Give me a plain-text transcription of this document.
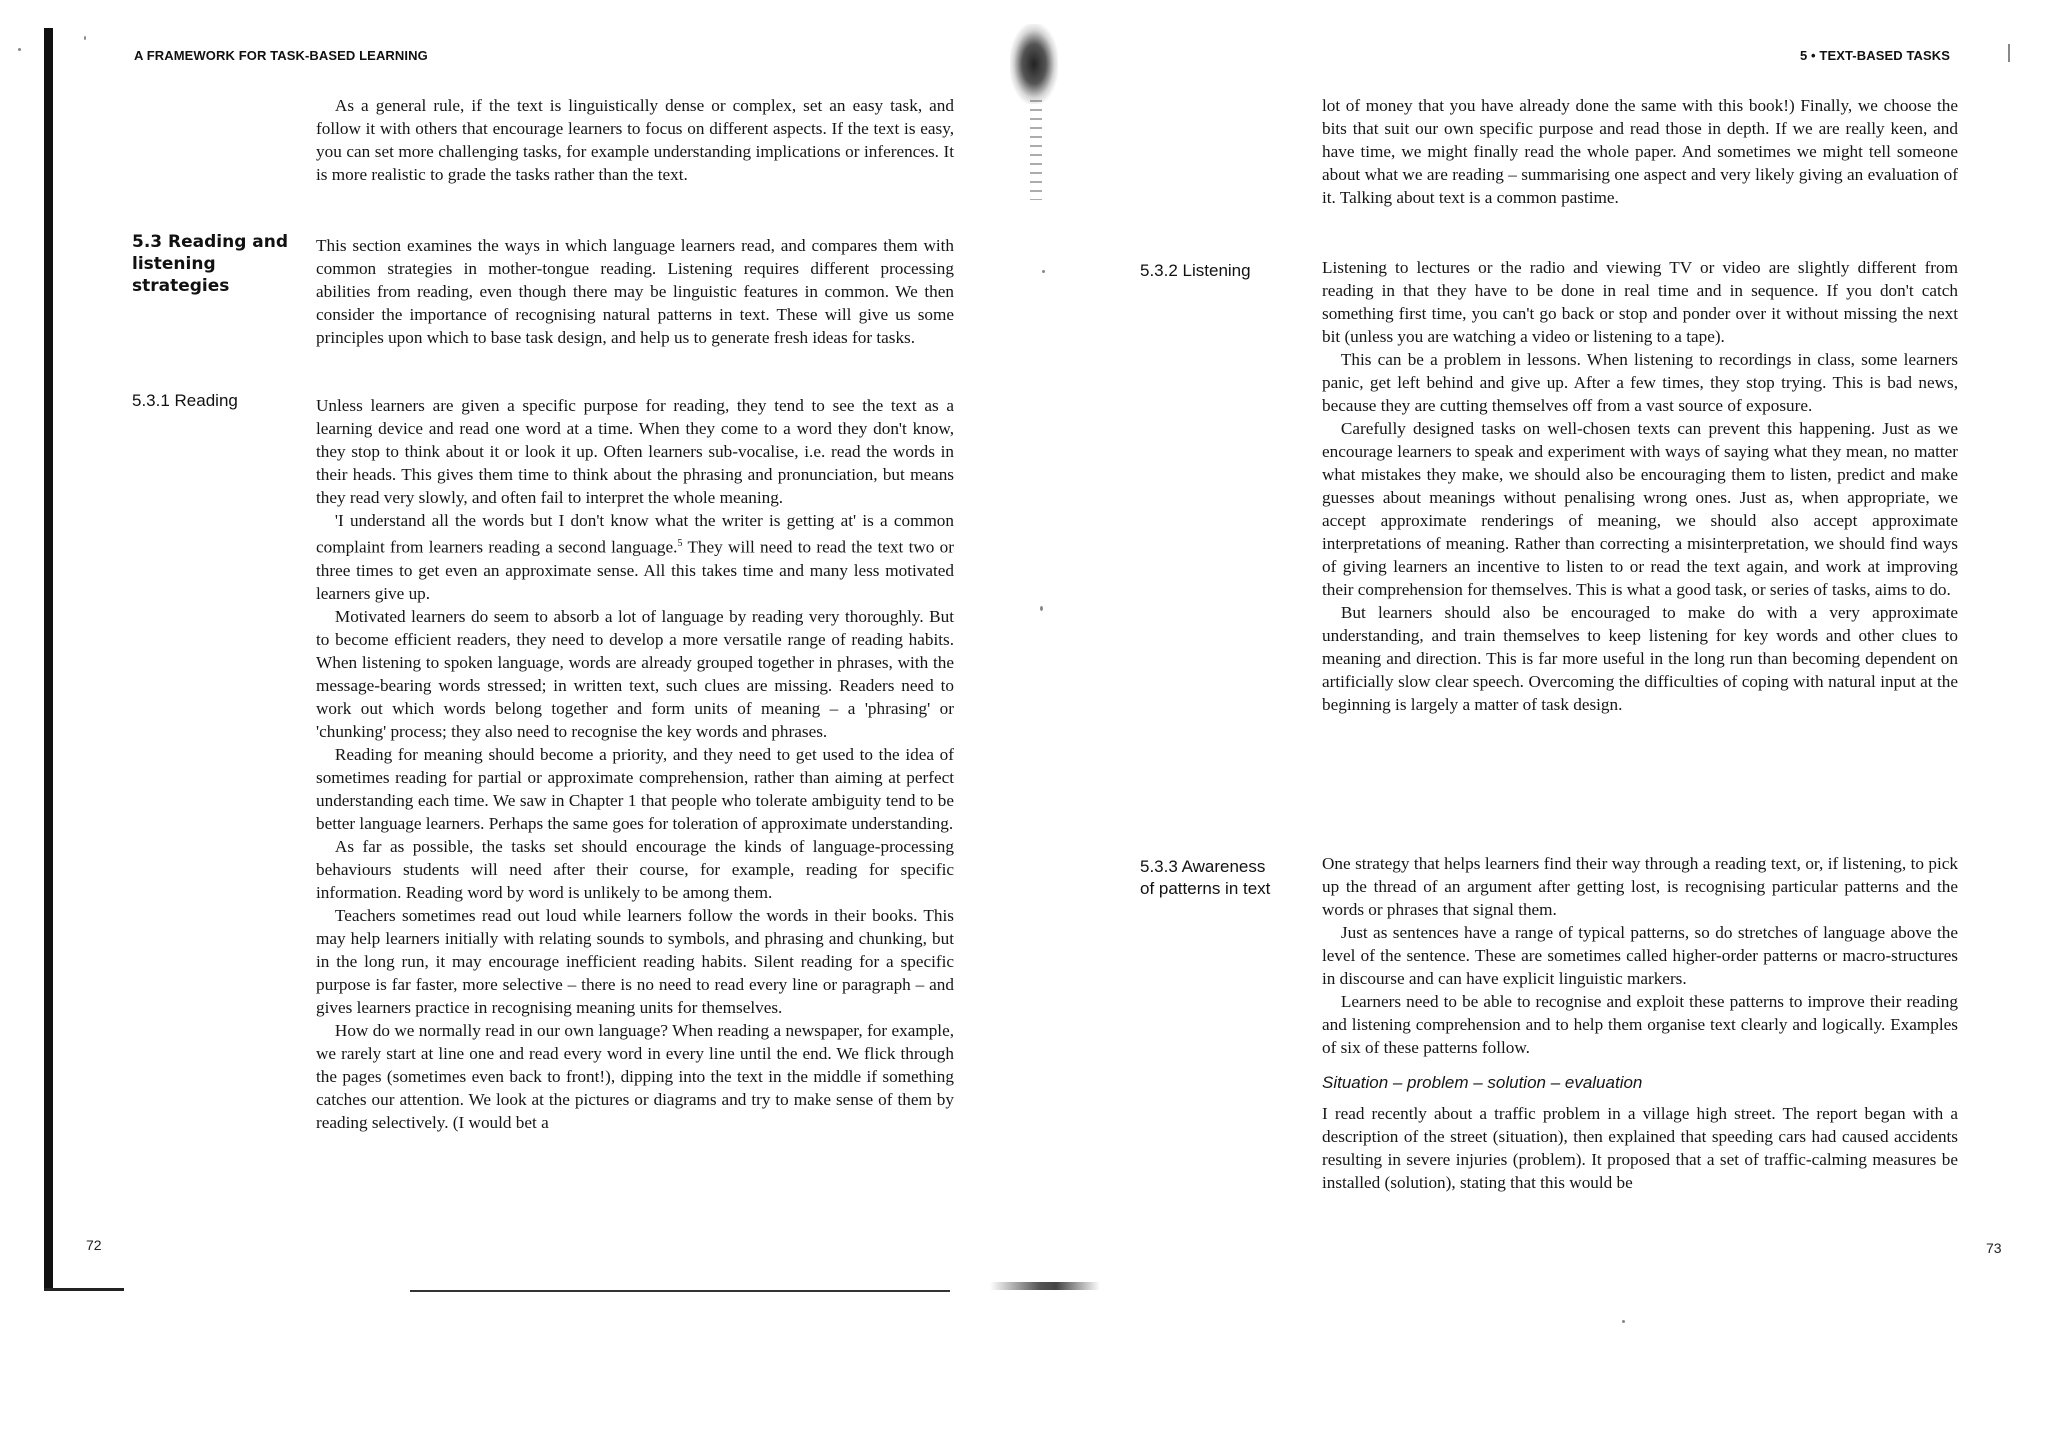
A FRAMEWORK FOR TASK-BASED LEARNING

As a general rule, if the text is linguistically dense or complex, set an easy task, and follow it with others that encourage learners to focus on different aspects. If the text is easy, you can set more challenging tasks, for example understanding implications or inferences. It is more realistic to grade the tasks rather than the text.

5.3 Reading and listening strategies

This section examines the ways in which language learners read, and compares them with common strategies in mother-tongue reading. Listening requires different processing abilities from reading, even though there may be linguistic features in common. We then consider the importance of recognising natural patterns in text. These will give us some principles upon which to base task design, and help us to generate fresh ideas for tasks.

5.3.1 Reading	Unless learners are given a specific purpose for reading, they tend to see the text as a learning device and read one word at a time. When they come to a word they don't know, they stop to think about it or look it up. Often learners sub-vocalise, i.e. read the words in their heads. This gives them time to think about the phrasing and pronunciation, but means they read very slowly, and often fail to interpret the whole meaning.

'I understand all the words but I don't know what the writer is getting at' is a common complaint from learners reading a second language.$^5$ They will need to read the text two or three times to get even an approximate sense. All this takes time and many less motivated learners give up.

Motivated learners do seem to absorb a lot of language by reading very thoroughly. But to become efficient readers, they need to develop a more versatile range of reading habits. When listening to spoken language, words are already grouped together in phrases, with the message-bearing words stressed; in written text, such clues are missing. Readers need to work out which words belong together and form units of meaning – a 'phrasing' or 'chunking' process; they also need to recognise the key words and phrases.

Reading for meaning should become a priority, and they need to get used to the idea of sometimes reading for partial or approximate comprehension, rather than aiming at perfect understanding each time. We saw in Chapter 1 that people who tolerate ambiguity tend to be better language learners. Perhaps the same goes for toleration of approximate understanding.

As far as possible, the tasks set should encourage the kinds of language-processing behaviours students will need after their course, for example, reading for specific information. Reading word by word is unlikely to be among them.

Teachers sometimes read out loud while learners follow the words in their books. This may help learners initially with relating sounds to symbols, and phrasing and chunking, but in the long run, it may encourage inefficient reading habits. Silent reading for a specific purpose is far faster, more selective – there is no need to read every line or paragraph – and gives learners practice in recognising meaning units for themselves.

How do we normally read in our own language? When reading a newspaper, for example, we rarely start at line one and read every word in every line until the end. We flick through the pages (sometimes even back to front!), dipping into the text in the middle if something catches our attention. We look at the pictures or diagrams and try to make sense of them by reading selectively. (I would bet a

72
5 • TEXT-BASED TASKS

lot of money that you have already done the same with this book!) Finally, we choose the bits that suit our own specific purpose and read those in depth. If we are really keen, and have time, we might finally read the whole paper. And sometimes we might tell someone about what we are reading – summarising one aspect and very likely giving an evaluation of it. Talking about text is a common pastime.

5.3.2 Listening	Listening to lectures or the radio and viewing TV or video are slightly different from reading in that they have to be done in real time and in sequence. If you don't catch something first time, you can't go back or stop and ponder over it without missing the next bit (unless you are watching a video or listening to a tape).

This can be a problem in lessons. When listening to recordings in class, some learners panic, get left behind and give up. After a few times, they stop trying. This is bad news, because they are cutting themselves off from a vast source of exposure.

Carefully designed tasks on well-chosen texts can prevent this happening. Just as we encourage learners to speak and experiment with ways of saying what they mean, no matter what mistakes they make, we should also be encouraging them to listen, predict and make guesses about meanings without penalising wrong ones. Just as, when appropriate, we accept approximate renderings of meaning, we should also accept approximate interpretations of meaning. Rather than correcting a misinterpretation, we should find ways of giving learners an incentive to listen to or read the text again, and work at improving their comprehension for themselves. This is what a good task, or series of tasks, aims to do.

But learners should also be encouraged to make do with a very approximate understanding, and train themselves to keep listening for key words and other clues to meaning and direction. This is far more useful in the long run than becoming dependent on artificially slow clear speech. Overcoming the difficulties of coping with natural input at the beginning is largely a matter of task design.

5.3.3 Awareness
of patterns in text

One strategy that helps learners find their way through a reading text, or, if listening, to pick up the thread of an argument after getting lost, is recognising particular patterns and the words or phrases that signal them.

Just as sentences have a range of typical patterns, so do stretches of language above the level of the sentence. These are sometimes called higher-order patterns or macro-structures in discourse and can have explicit linguistic markers.

Learners need to be able to recognise and exploit these patterns to improve their reading and listening comprehension and to help them organise text clearly and logically. Examples of six of these patterns follow.

Situation – problem – solution – evaluation

I read recently about a traffic problem in a village high street. The report began with a description of the street (situation), then explained that speeding cars had caused accidents resulting in severe injuries (problem). It proposed that a set of traffic-calming measures be installed (solution), stating that this would be

73
